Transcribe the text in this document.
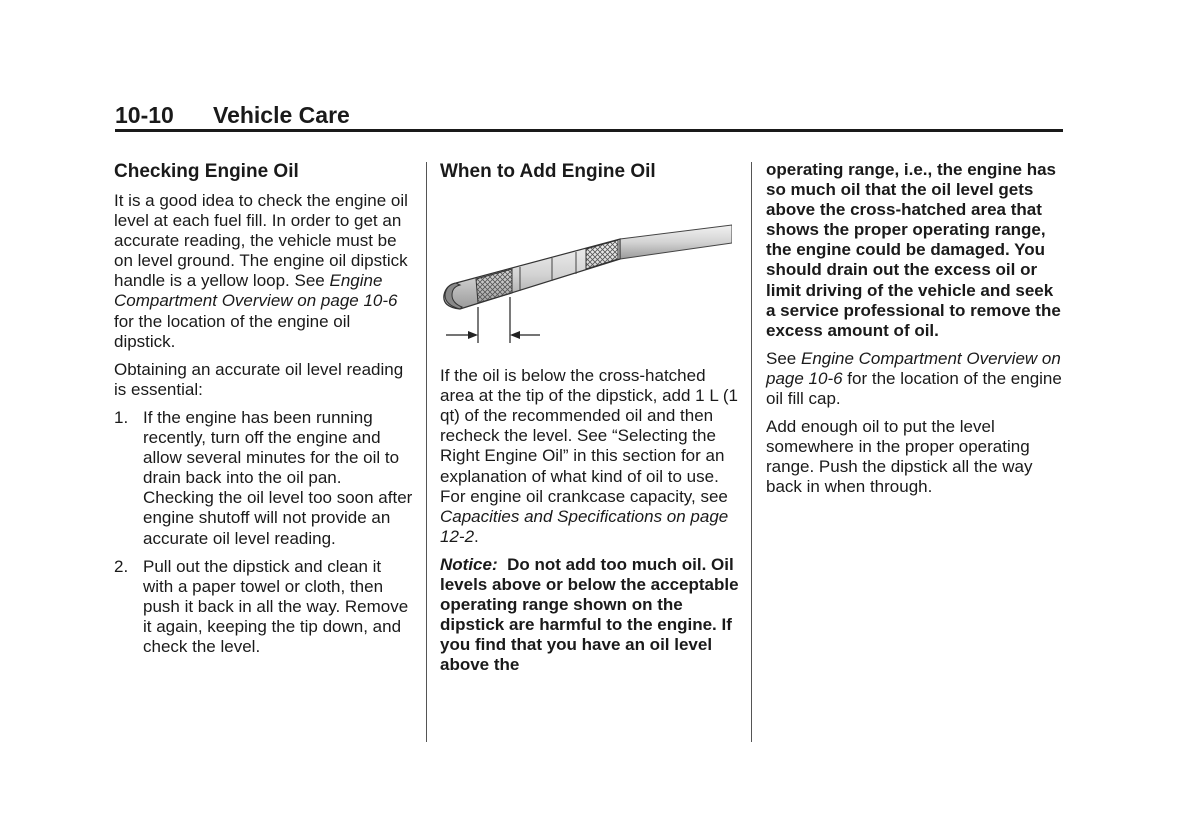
10-10 Vehicle Care
Checking Engine Oil

It is a good idea to check the engine oil level at each fuel fill. In order to get an accurate reading, the vehicle must be on level ground. The engine oil dipstick handle is a yellow loop. See Engine Compartment Overview on page 10-6 for the location of the engine oil dipstick.

Obtaining an accurate oil level reading is essential:

1. If the engine has been running recently, turn off the engine and allow several minutes for the oil to drain back into the oil pan. Checking the oil level too soon after engine shutoff will not provide an accurate oil level reading.
2. Pull out the dipstick and clean it with a paper towel or cloth, then push it back in all the way. Remove it again, keeping the tip down, and check the level.
When to Add Engine Oil

If the oil is below the cross-hatched area at the tip of the dipstick, add 1 L (1 qt) of the recommended oil and then recheck the level. See “Selecting the Right Engine Oil” in this section for an explanation of what kind of oil to use. For engine oil crankcase capacity, see Capacities and Specifications on page 12-2.

Notice: Do not add too much oil. Oil levels above or below the acceptable operating range shown on the dipstick are harmful to the engine. If you find that you have an oil level above the

operating range, i.e., the engine has so much oil that the oil level gets above the cross-hatched area that shows the proper operating range, the engine could be damaged. You should drain out the excess oil or limit driving of the vehicle and seek a service professional to remove the excess amount of oil.

See Engine Compartment Overview on page 10-6 for the location of the engine oil fill cap.

Add enough oil to put the level somewhere in the proper operating range. Push the dipstick all the way back in when through.
